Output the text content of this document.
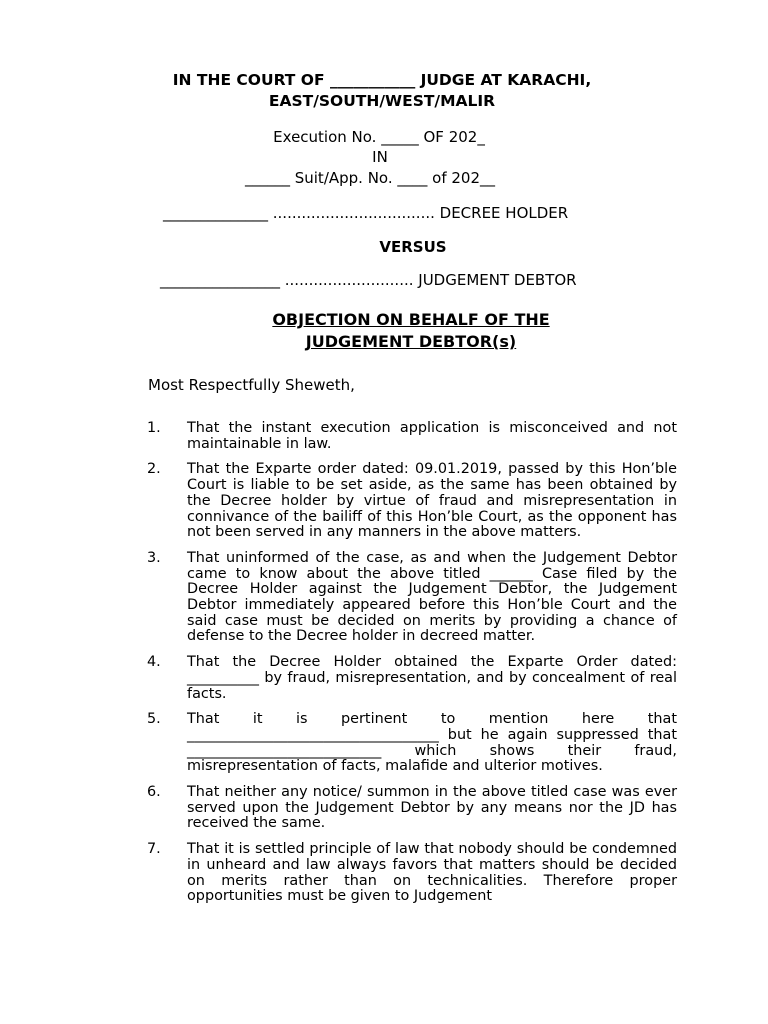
IN THE COURT OF ___________ JUDGE AT KARACHI,
EAST/SOUTH/WEST/MALIR
Execution No. _____ OF 202_
IN
______ Suit/App. No. ____ of 202__
______________ .................................. DECREE HOLDER
VERSUS
________________ ........................... JUDGEMENT DEBTOR
OBJECTION ON BEHALF OF THE
JUDGEMENT DEBTOR(s)
Most Respectfully Sheweth,
1.	That the instant execution application is misconceived and not maintainable in law.
2.	That the Exparte order dated: 09.01.2019, passed by this Hon’ble Court is liable to be set aside, as the same has been obtained by the Decree holder by virtue of fraud and misrepresentation in connivance of the bailiff of this Hon’ble Court, as the opponent has not been served in any manners in the above matters.
3.	That uninformed of the case, as and when the Judgement Debtor came to know about the above titled ______ Case filed by the Decree Holder against the Judgement Debtor, the Judgement Debtor immediately appeared before this Hon’ble Court and the said case must be decided on merits by providing a chance of defense to the Decree holder in decreed matter.
4.	That the Decree Holder obtained the Exparte Order dated: __________ by fraud, misrepresentation, and by concealment of real facts.
5.	That it is pertinent to mention here that ___________________________________ but he again suppressed that ___________________________ which shows their fraud, misrepresentation of facts, malafide and ulterior motives.
6.	That neither any notice/ summon in the above titled case was ever served upon the Judgement Debtor by any means nor the JD has received the same.
7.	That it is settled principle of law that nobody should be condemned in unheard and law always favors that matters should be decided on merits rather than on technicalities. Therefore proper opportunities must be given to Judgement
